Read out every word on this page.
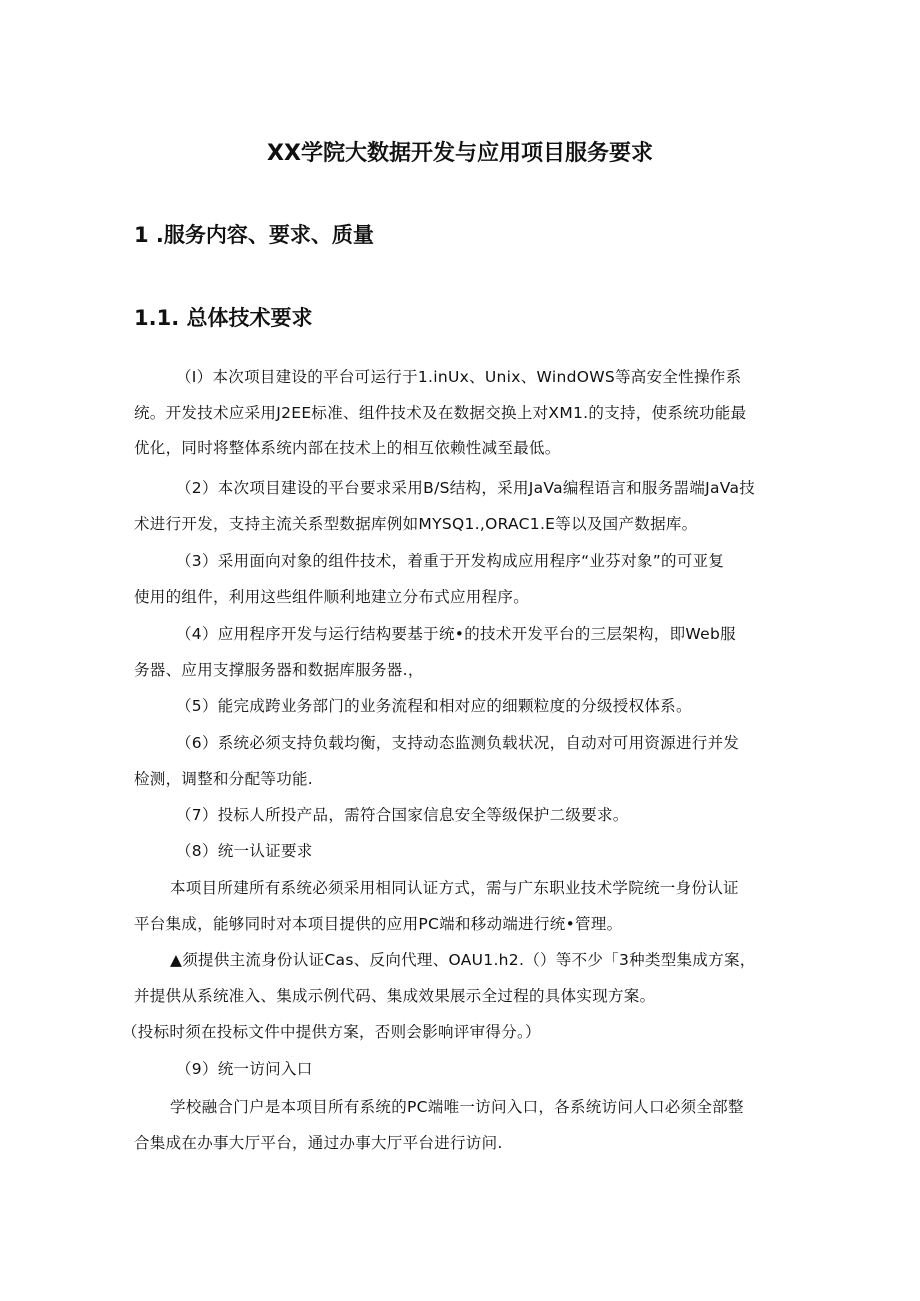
XX学院大数据开发与应用项目服务要求
1 .服务内容、要求、质量
1.1. 总体技术要求
（I）本次项目建设的平台可运行于1.inUx、Unix、WindOWS等高安全性操作系
统。开发技术应采用J2EE标准、组件技术及在数据交换上对XM1.的支持，使系统功能最
优化，同时将整体系统内部在技术上的相互依赖性减至最低。
（2）本次项目建设的平台要求采用B/S结构，采用JaVa编程语言和服务噐端JaVa技
术进行开发，支持主流关系型数据库例如MYSQ1.,ORAC1.E等以及国产数据库。
（3）采用面向对象的组件技术，着重于开发构成应用程序“业芬对象”的可亚复
使用的组件，利用这些组件顺利地建立分布式应用程序。
（4）应用程序开发与运行结构要基于统•的技术开发平台的三层架构，即Web服
务器、应用支撑服务器和数据库服务器.，
（5）能完成跨业务部门的业务流程和相对应的细颗粒度的分级授权体系。
（6）系统必须支持负载均衡，支持动态监测负载状况，自动对可用资源进行并发
检测，调整和分配等功能.
（7）投标人所投产品，需符合国家信息安全等级保护二级要求。
（8）统一认证要求
本项目所建所有系统必须采用相同认证方式，需与广东职业技术学院统一身份认证
平台集成，能够同时对本项目提供的应用PC端和移动端进行统•管理。
▲须提供主流身份认证Cas、反向代理、OAU1.h2.（）等不少「3种类型集成方案，
并提供从系统准入、集成示例代码、集成效果展示全过程的具体实现方案。
（投标时须在投标文件中提供方案，否则会影响评审得分。）
（9）统一访问入口
学校融合门户是本项目所有系统的PC端唯一访问入口，各系统访问人口必须全部整
合集成在办事大厅平台，通过办事大厅平台进行访问.
